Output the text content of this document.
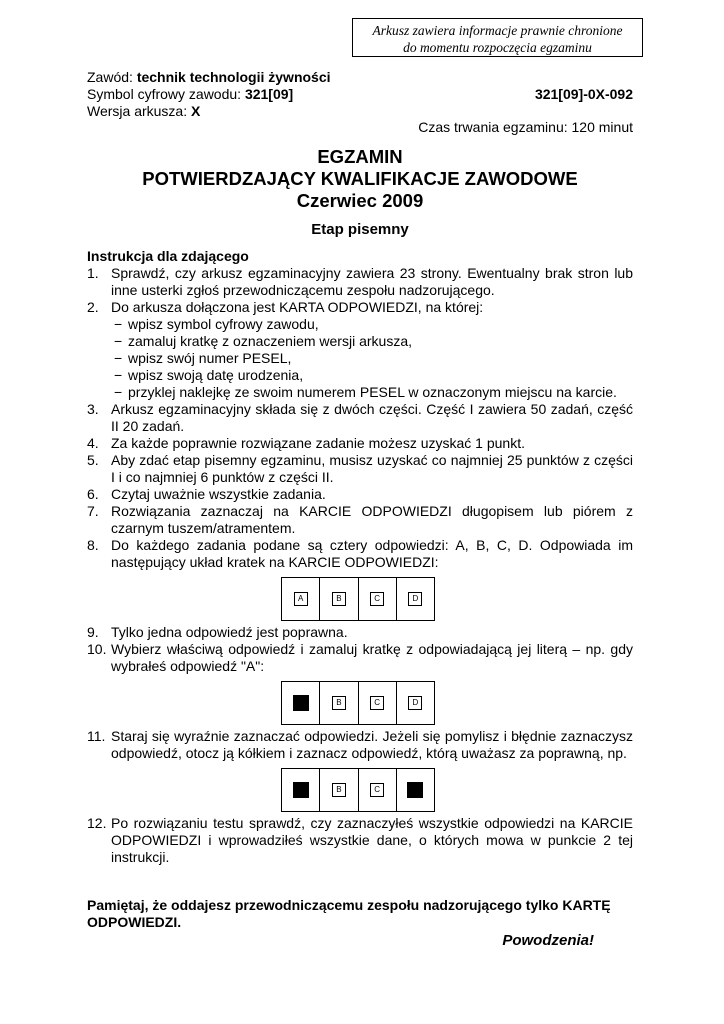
Arkusz zawiera informacje prawnie chronione
do momentu rozpoczęcia egzaminu
Zawód: technik technologii żywności
Symbol cyfrowy zawodu: 321[09]	321[09]-0X-092
Wersja arkusza: X
Czas trwania egzaminu: 120 minut
EGZAMIN
POTWIERDZAJĄCY KWALIFIKACJE ZAWODOWE
Czerwiec 2009
Etap pisemny
Instrukcja dla zdającego
1. Sprawdź, czy arkusz egzaminacyjny zawiera 23 strony. Ewentualny brak stron lub inne usterki zgłoś przewodniczącemu zespołu nadzorującego.
2. Do arkusza dołączona jest KARTA ODPOWIEDZI, na której:
− wpisz symbol cyfrowy zawodu,
− zamaluj kratkę z oznaczeniem wersji arkusza,
− wpisz swój numer PESEL,
− wpisz swoją datę urodzenia,
− przyklej naklejkę ze swoim numerem PESEL w oznaczonym miejscu na karcie.
3. Arkusz egzaminacyjny składa się z dwóch części. Część I zawiera 50 zadań, część II 20 zadań.
4. Za każde poprawnie rozwiązane zadanie możesz uzyskać 1 punkt.
5. Aby zdać etap pisemny egzaminu, musisz uzyskać co najmniej 25 punktów z części I i co najmniej 6 punktów z części II.
6. Czytaj uważnie wszystkie zadania.
7. Rozwiązania zaznaczaj na KARCIE ODPOWIEDZI długopisem lub piórem z czarnym tuszem/atramentem.
8. Do każdego zadania podane są cztery odpowiedzi: A, B, C, D. Odpowiada im następujący układ kratek na KARCIE ODPOWIEDZI:
A	B	C	D
9. Tylko jedna odpowiedź jest poprawna.
10. Wybierz właściwą odpowiedź i zamaluj kratkę z odpowiadającą jej literą – np. gdy wybrałeś odpowiedź "A":
A	B	C	D
11. Staraj się wyraźnie zaznaczać odpowiedzi. Jeżeli się pomylisz i błędnie zaznaczysz odpowiedź, otocz ją kółkiem i zaznacz odpowiedź, którą uważasz za poprawną, np.
A	B	C	D
12. Po rozwiązaniu testu sprawdź, czy zaznaczyłeś wszystkie odpowiedzi na KARCIE ODPOWIEDZI i wprowadziłeś wszystkie dane, o których mowa w punkcie 2 tej instrukcji.
Pamiętaj, że oddajesz przewodniczącemu zespołu nadzorującego tylko KARTĘ ODPOWIEDZI.
Powodzenia!
